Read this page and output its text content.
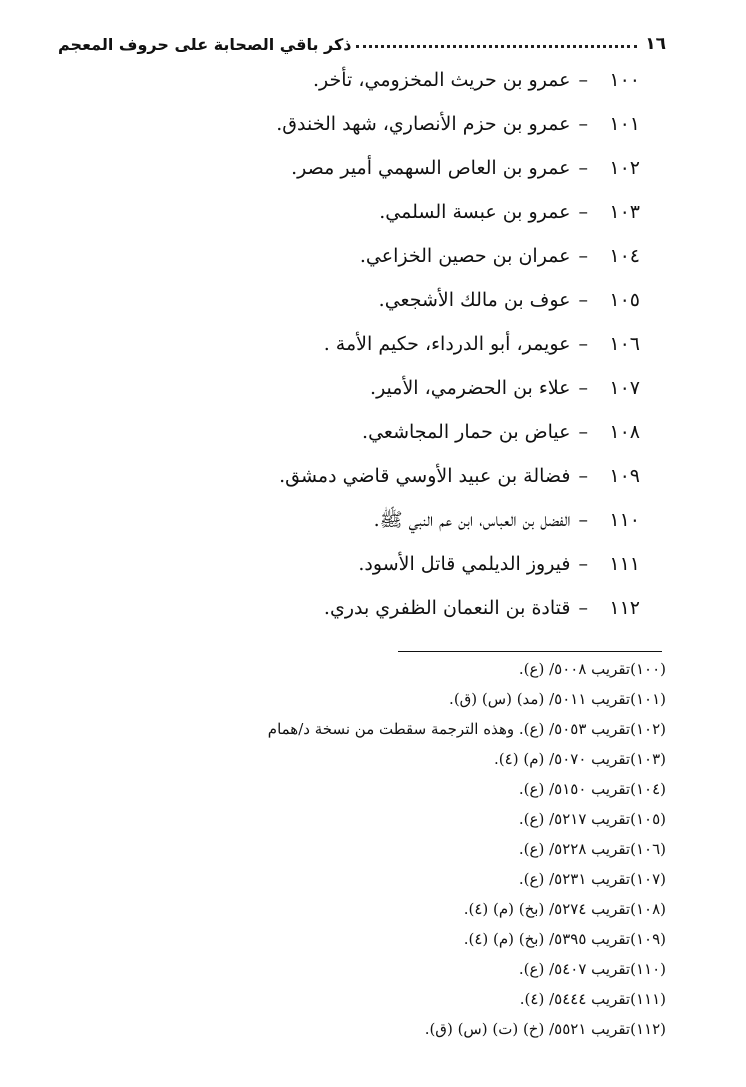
١٦
ذكر باقي الصحابة على حروف المعجم
١٠٠–عمرو بن حريث المخزومي، تأخر.
١٠١–عمرو بن حزم الأنصاري، شهد الخندق.
١٠٢–عمرو بن العاص السهمي أمير مصر.
١٠٣–عمرو بن عبسة السلمي.
١٠٤–عمران بن حصين الخزاعي.
١٠٥–عوف بن مالك الأشجعي.
١٠٦–عويمر، أبو الدرداء، حكيم الأمة .
١٠٧–علاء بن الحضرمي، الأمير.
١٠٨–عياض بن حمار المجاشعي.
١٠٩–فضالة بن عبيد الأوسي قاضي دمشق.
١١٠–الفضل بن العباس، ابن عم النبي ﷺ.
١١١–فيروز الديلمي قاتل الأسود.
١١٢–قتادة بن النعمان الظفري بدري.
(١٠٠)تقريب ٥٠٠٨/ (ع).
(١٠١)تقريب ٥٠١١/ (مد) (س) (ق).
(١٠٢)تقريب ٥٠٥٣/ (ع). وهذه الترجمة سقطت من نسخة د/همام
(١٠٣)تقريب ٥٠٧٠/ (م) (٤).
(١٠٤)تقريب ٥١٥٠/ (ع).
(١٠٥)تقريب ٥٢١٧/ (ع).
(١٠٦)تقريب ٥٢٢٨/ (ع).
(١٠٧)تقريب ٥٢٣١/ (ع).
(١٠٨)تقريب ٥٢٧٤/ (بخ) (م) (٤).
(١٠٩)تقريب ٥٣٩٥/ (بخ) (م) (٤).
(١١٠)تقريب ٥٤٠٧/ (ع).
(١١١)تقريب ٥٤٤٤/ (٤).
(١١٢)تقريب ٥٥٢١/ (خ) (ت) (س) (ق).
